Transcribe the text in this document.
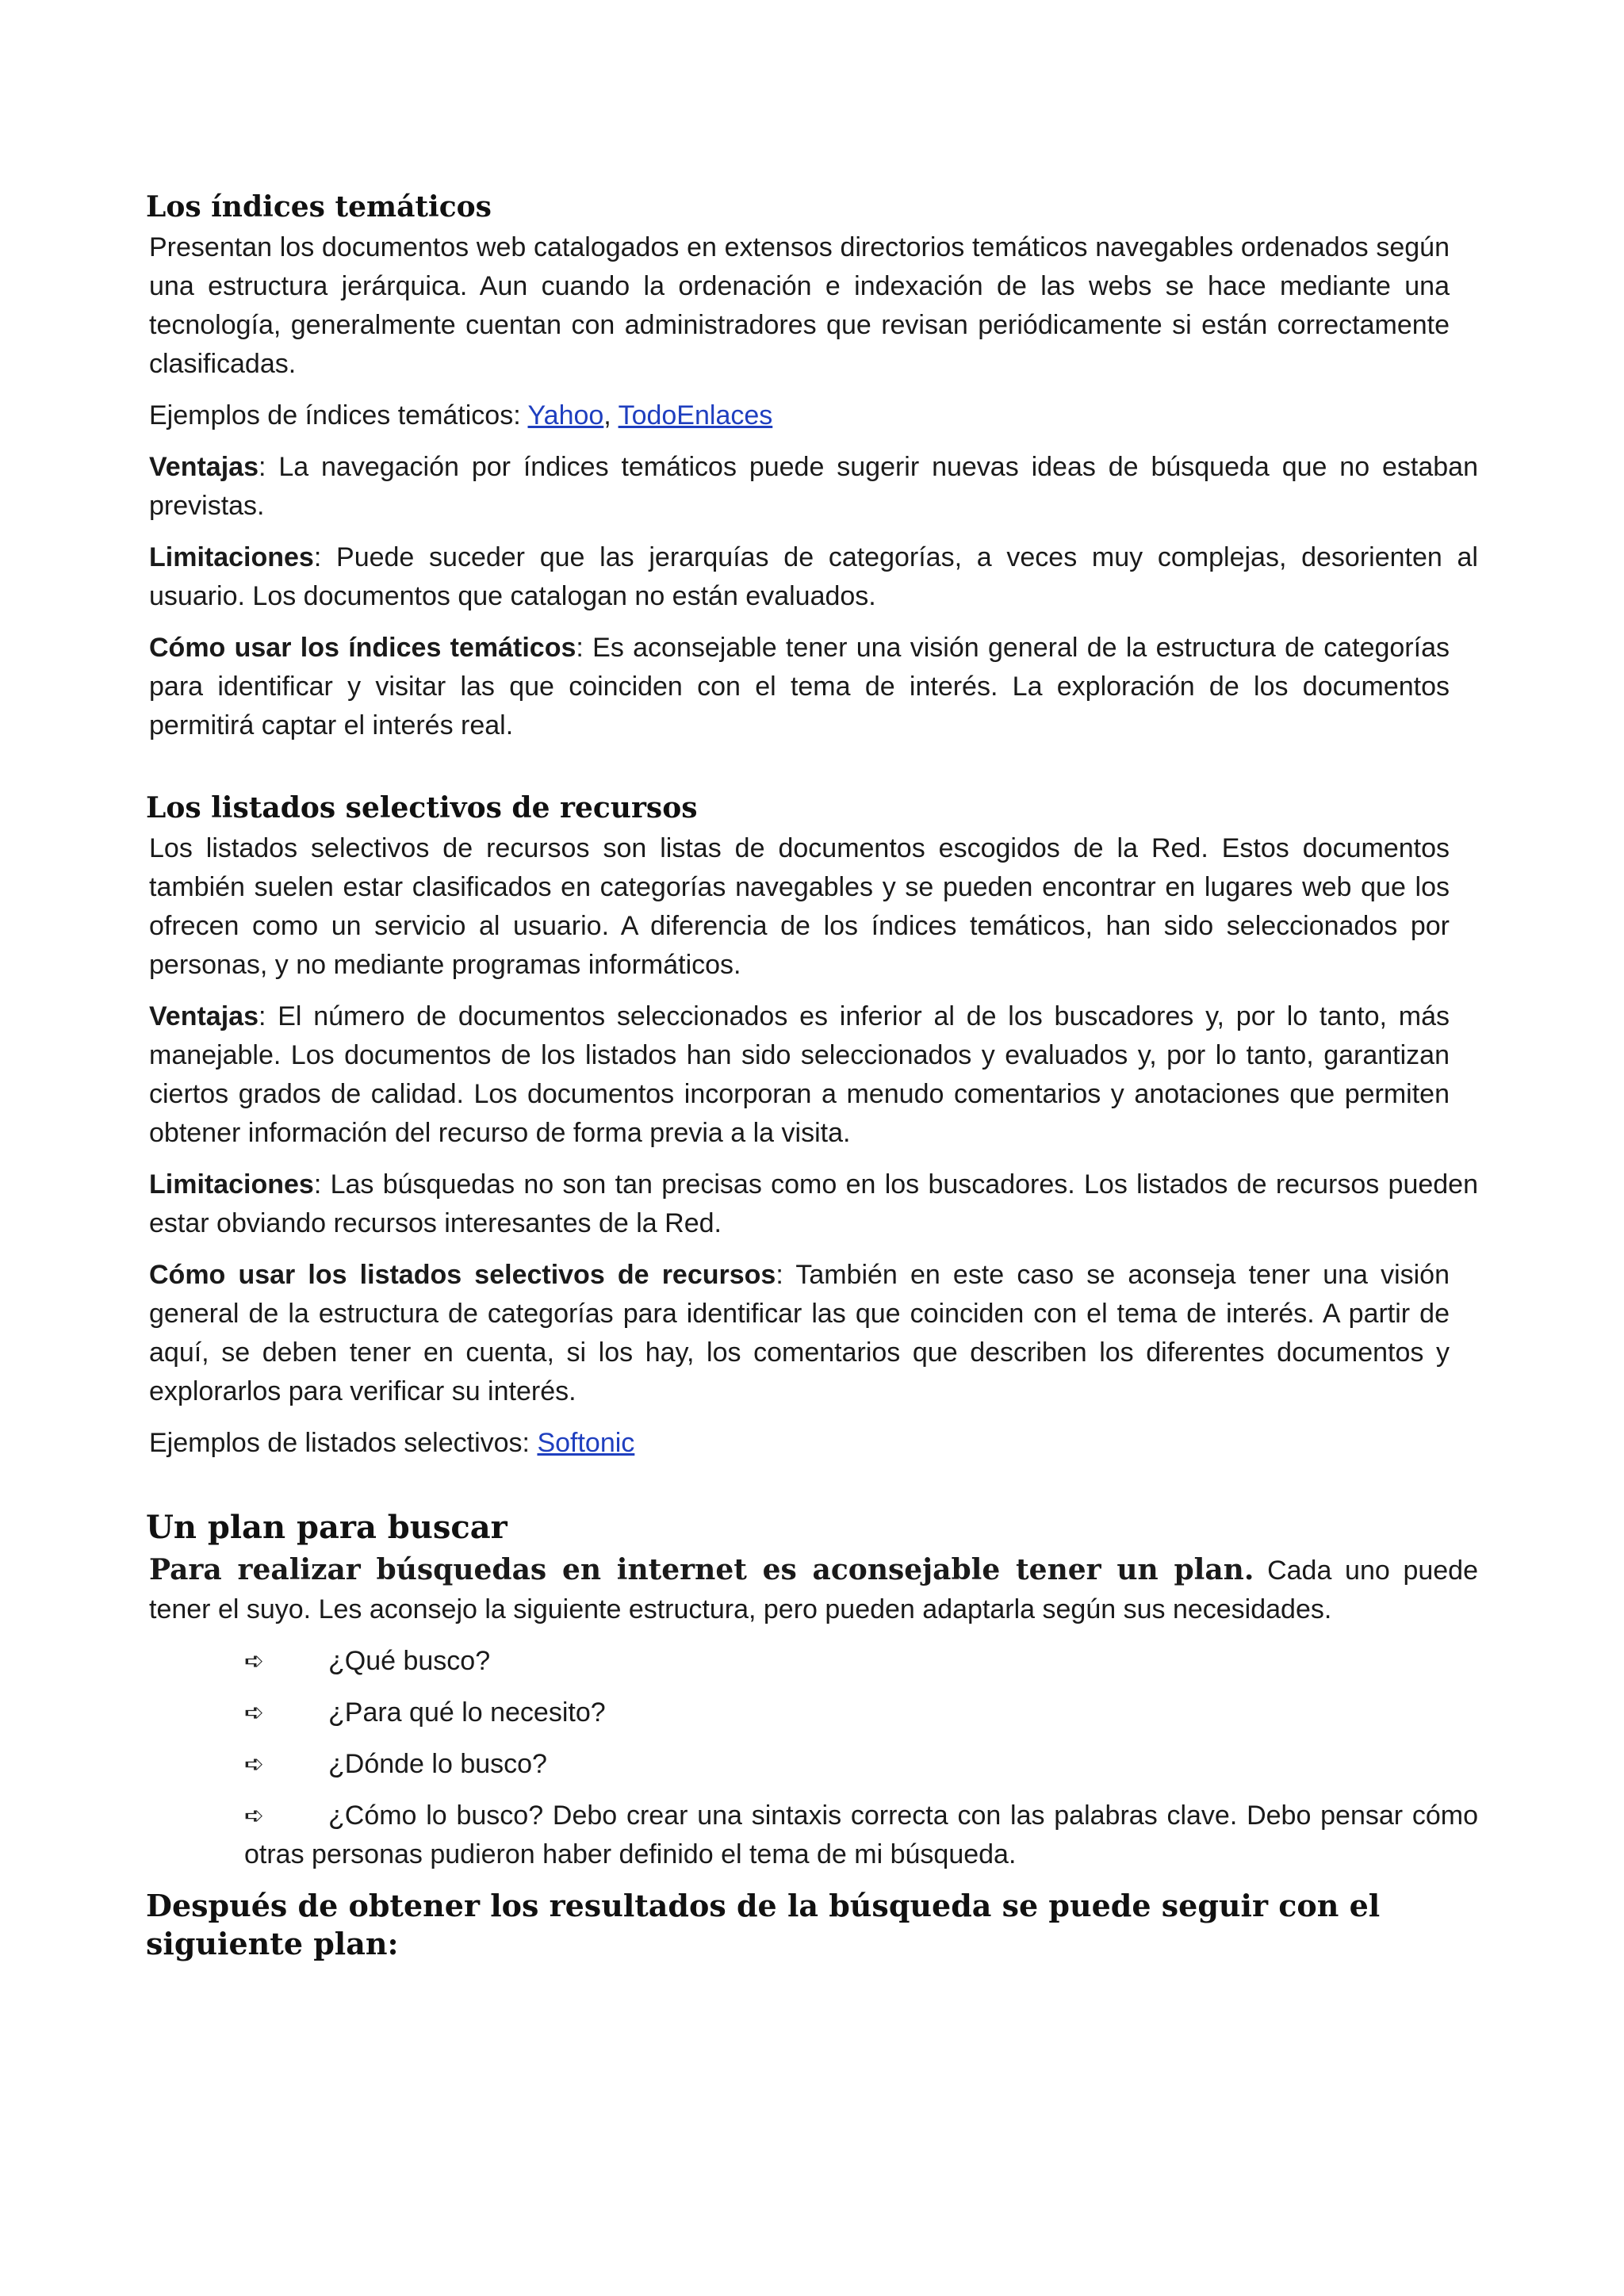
Los índices temáticos

Presentan los documentos web catalogados en extensos directorios temáticos navegables ordenados según una estructura jerárquica. Aun cuando la ordenación e indexación de las webs se hace mediante una tecnología, generalmente cuentan con administradores que revisan periódicamente si están correctamente clasificadas.

Ejemplos de índices temáticos: Yahoo, TodoEnlaces

Ventajas: La navegación por índices temáticos puede sugerir nuevas ideas de búsqueda que no estaban previstas.

Limitaciones: Puede suceder que las jerarquías de categorías, a veces muy complejas, desorienten al usuario. Los documentos que catalogan no están evaluados.

Cómo usar los índices temáticos: Es aconsejable tener una visión general de la estructura de categorías para identificar y visitar las que coinciden con el tema de interés. La exploración de los documentos permitirá captar el interés real.

Los listados selectivos de recursos

Los listados selectivos de recursos son listas de documentos escogidos de la Red. Estos documentos también suelen estar clasificados en categorías navegables y se pueden encontrar en lugares web que los ofrecen como un servicio al usuario. A diferencia de los índices temáticos, han sido seleccionados por personas, y no mediante programas informáticos.

Ventajas: El número de documentos seleccionados es inferior al de los buscadores y, por lo tanto, más manejable. Los documentos de los listados han sido seleccionados y evaluados y, por lo tanto, garantizan ciertos grados de calidad. Los documentos incorporan a menudo comentarios y anotaciones que permiten obtener información del recurso de forma previa a la visita.

Limitaciones: Las búsquedas no son tan precisas como en los buscadores. Los listados de recursos pueden estar obviando recursos interesantes de la Red.

Cómo usar los listados selectivos de recursos: También en este caso se aconseja tener una visión general de la estructura de categorías para identificar las que coinciden con el tema de interés. A partir de aquí, se deben tener en cuenta, si los hay, los comentarios que describen los diferentes documentos y explorarlos para verificar su interés.

Ejemplos de listados selectivos: Softonic

Un plan para buscar

Para realizar búsquedas en internet es aconsejable tener un plan. Cada uno puede tener el suyo. Les aconsejo la siguiente estructura, pero pueden adaptarla según sus necesidades.

➪ ¿Qué busco?
➪ ¿Para qué lo necesito?
➪ ¿Dónde lo busco?
➪ ¿Cómo lo busco? Debo crear una sintaxis correcta con las palabras clave. Debo pensar cómo otras personas pudieron haber definido el tema de mi búsqueda.
Después de obtener los resultados de la búsqueda se puede seguir con el siguiente plan:
